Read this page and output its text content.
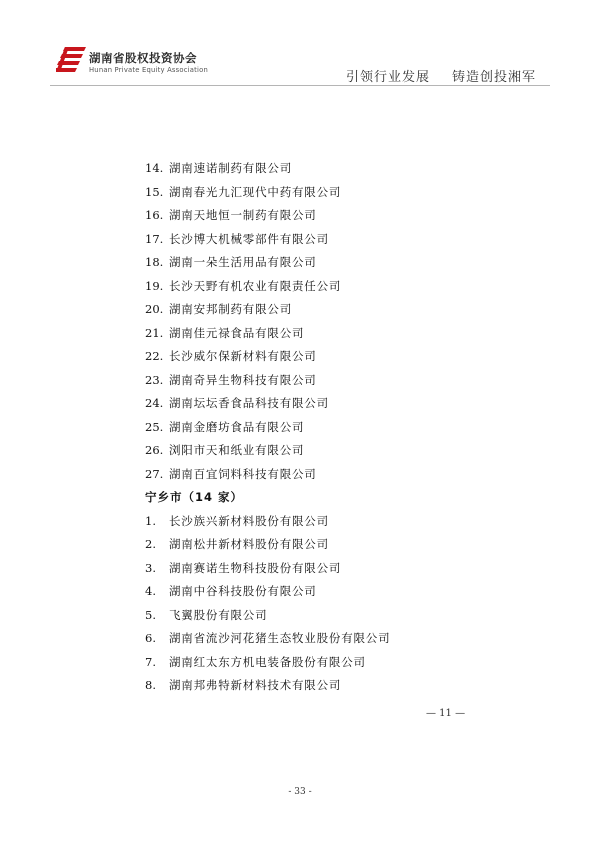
湖南省股权投资协会
Hunan Private Equity Association	引领行业发展 铸造创投湘军
14. 湖南速诺制药有限公司
15. 湖南春光九汇现代中药有限公司
16. 湖南天地恒一制药有限公司
17. 长沙博大机械零部件有限公司
18. 湖南一朵生活用品有限公司
19. 长沙天野有机农业有限责任公司
20. 湖南安邦制药有限公司
21. 湖南佳元禄食品有限公司
22. 长沙威尔保新材料有限公司
23. 湖南奇异生物科技有限公司
24. 湖南坛坛香食品科技有限公司
25. 湖南金磨坊食品有限公司
26. 浏阳市天和纸业有限公司
27. 湖南百宜饲料科技有限公司
宁乡市（14 家）
1. 长沙族兴新材料股份有限公司
2. 湖南松井新材料股份有限公司
3. 湖南赛诺生物科技股份有限公司
4. 湖南中谷科技股份有限公司
5. 飞翼股份有限公司
6. 湖南省流沙河花猪生态牧业股份有限公司
7. 湖南红太东方机电装备股份有限公司
8. 湖南邦弗特新材料技术有限公司
— 11 —
- 33 -
